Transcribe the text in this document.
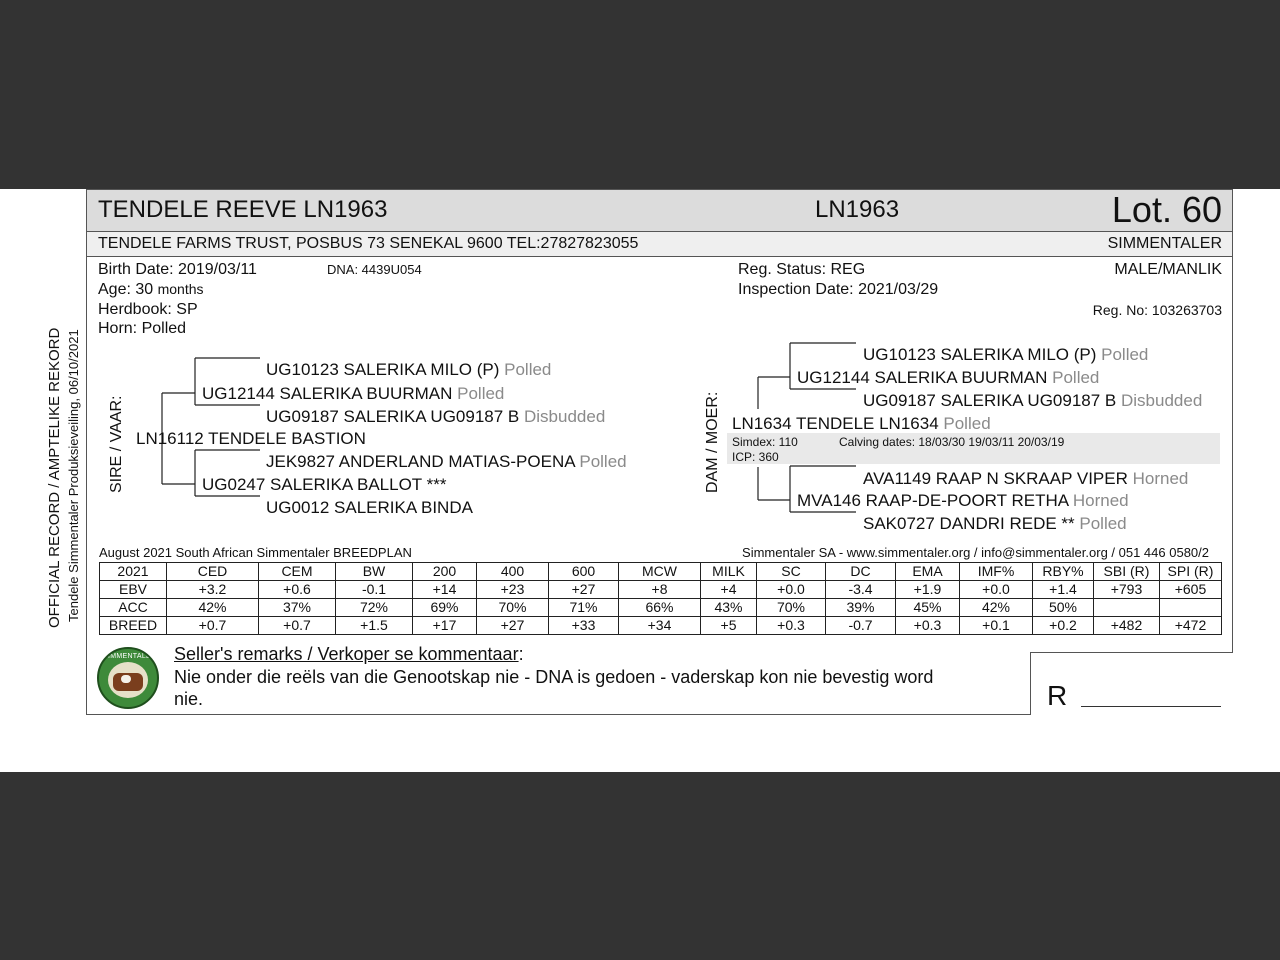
TENDELE REEVE LN1963	LN1963	Lot. 60
TENDELE FARMS TRUST, POSBUS 73 SENEKAL 9600 TEL:27827823055	SIMMENTALER
Birth Date: 2019/03/11	DNA: 4439U054
Age: 30 months
Herdbook: SP
Horn: Polled
Reg. Status: REG
Inspection Date: 2021/03/29
MALE/MANLIK
Reg. No: 103263703
OFFICIAL RECORD / AMPTELIKE REKORD Tendele Simmentaler Produksieveiling, 06/10/2021 SIRE / VAAR:	DAM / MOER:
UG10123 SALERIKA MILO (P) Polled
UG12144 SALERIKA BUURMAN Polled
UG09187 SALERIKA UG09187 B Disbudded
LN16112 TENDELE BASTION
JEK9827 ANDERLAND MATIAS-POENA Polled
UG0247 SALERIKA BALLOT ***
UG0012 SALERIKA BINDA
UG10123 SALERIKA MILO (P) Polled
UG12144 SALERIKA BUURMAN Polled
UG09187 SALERIKA UG09187 B Disbudded
LN1634 TENDELE LN1634 Polled
Simdex: 110	Calving dates: 18/03/30 19/03/11 20/03/19
ICP: 360
AVA1149 RAAP N SKRAAP VIPER Horned
MVA146 RAAP-DE-POORT RETHA Horned
SAK0727 DANDRI REDE ** Polled
August 2021 South African Simmentaler BREEDPLAN	Simmentaler SA - www.simmentaler.org / info@simmentaler.org / 051 446 0580/2
2021	CED	CEM	BW	200	400	600	MCW	MILK	SC	DC	EMA	IMF%	RBY%	SBI (R)	SPI (R)
EBV	+3.2	+0.6	-0.1	+14	+23	+27	+8	+4	+0.0	-3.4	+1.9	+0.0	+1.4	+793	+605
ACC	42%	37%	72%	69%	70%	71%	66%	43%	70%	39%	45%	42%	50%		
BREED	+0.7	+0.7	+1.5	+17	+27	+33	+34	+5	+0.3	-0.7	+0.3	+0.1	+0.2	+482	+472
SIMMENTALER Seller's remarks / Verkoper se kommentaar:
Nie onder die reëls van die Genootskap nie - DNA is gedoen - vaderskap kon nie bevestig word
nie.	R
